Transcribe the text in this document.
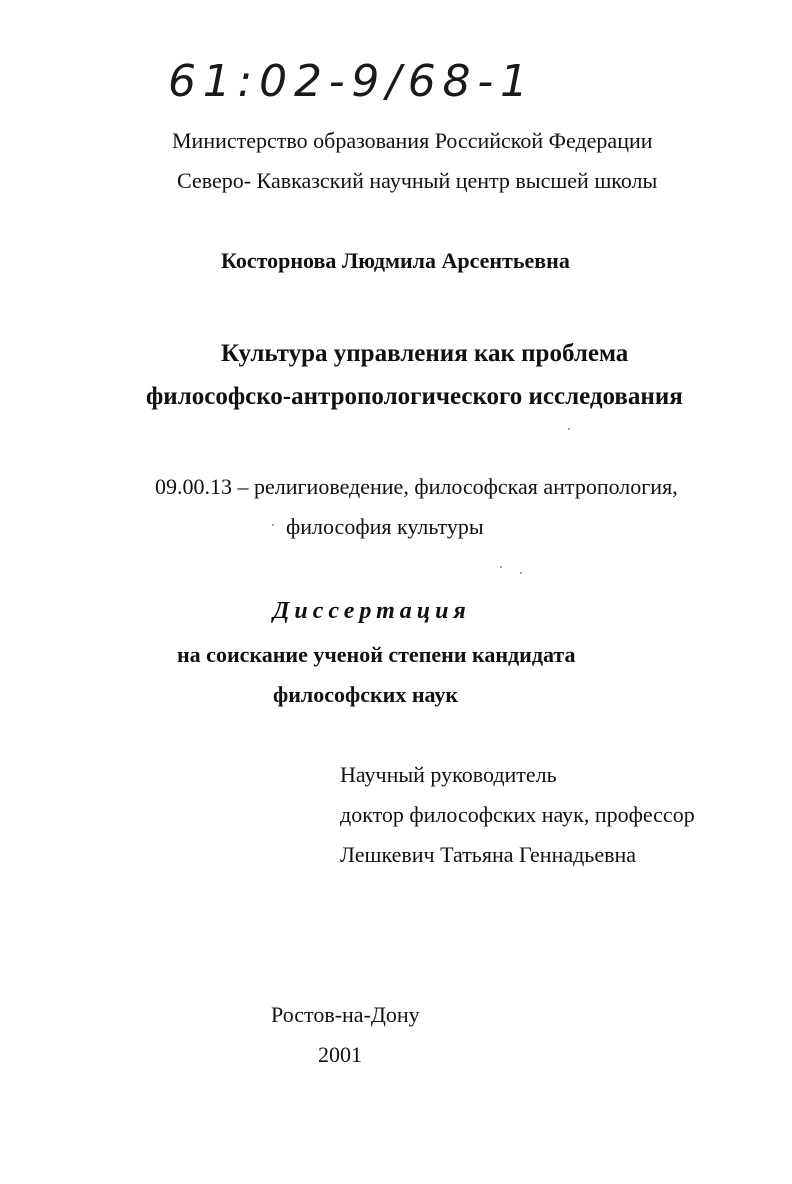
61:02-9/68-1
Министерство образования Российской Федерации
Северо- Кавказский научный центр высшей школы
Косторнова Людмила Арсентьевна
Культура управления как проблема
философско-антропологического исследования
09.00.13 – религиоведение, философская антропология,
философия культуры
Диссертация
на соискание ученой степени кандидата
философских наук
Научный руководитель
доктор философских наук, профессор
Лешкевич Татьяна Геннадьевна
Ростов-на-Дону
2001
